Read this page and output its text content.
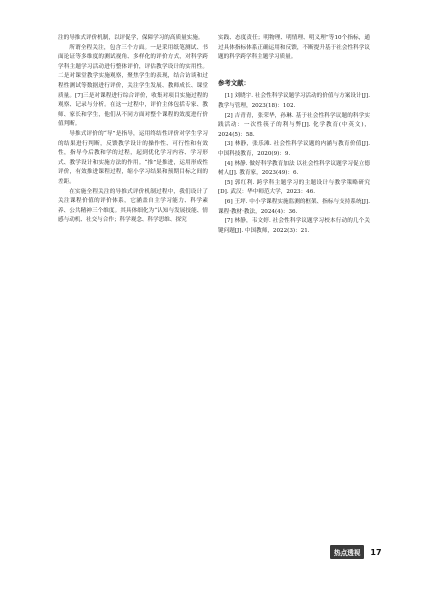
注的导推式评价机制，以评促学，保障学习的高质量实施。

所谓全程关注，包含三个方面。一是采用纸笔测试、书面论证等多维度的测试视角、多样化的评价方式，对科学跨学科主题学习活动进行整体评价，评估教学设计的实用性。二是对课堂教学实施观察，聚焦学生的表现，结合访谈和过程性测试等数据进行评价，关注学生发展、教师成长、课堂质量。[7]三是对课程进行综合评价，收集对项目实施过程的观察、记录与分析。在这一过程中，评价主体包括专家、教师、家长和学生，他们从不同方面对整个课程的效度进行价值判断。

导推式评价的“导”是指导，运用终结性评价对学生学习的结果进行判断，反馈教学设计的操作性、可行性和有效性，指导今后教和学的过程，起到优化学习内容、学习形式、教学设计和实施方法的作用。“推”是推进，运用形成性评价，有效推进课程过程，缩小学习结果和预期目标之间的差距。

在实施全程关注的导推式评价机制过程中，我们设计了关注课程价值的评价体系，它涵盖自主学习能力、科学素养、公共精神三个维度。其具体细化为“认知与发展技能、情感与动机、社交与合作；科学观念、科学思维、探究

实践、态度责任；明物理、明情理、明义理”等10个指标，通过具体指标体系正确运用和反馈，不断提升基于社会性科学议题的科学跨学科主题学习质量。

参考文献：

[1] 刘晓宇. 社会性科学议题学习活动的价值与方案设计[J]. 教学与管理，2023(18)：102.

[2] 吉青青，张荣华，孙琳. 基于社会性科学议题的科学实践活动：一次性筷子的利与弊[J]. 化学教育(中英文)，2024(5)：58.

[3] 林静，张乐滩. 社会性科学议题的内涵与教育价值[J]. 中国科技教育，2020(9)：9.

[4] 林静. 做好科学教育加法 以社会性科学议题学习促立德树人[J]. 教育家，2023(49)：6.

[5] 郭红利. 跨学科主题学习的主题设计与教学策略研究[D]. 武汉：华中师范大学，2023：46.

[6] 王坪. 中小学课程实施监测的框架、指标与支持系统[J]. 课程·教材·教法，2024(4)：36.

[7] 林静，韦文婷. 社会性科学议题学习校本行动的几个关键问题[J]. 中国教师，2022(3)：21.

热点透视	17
